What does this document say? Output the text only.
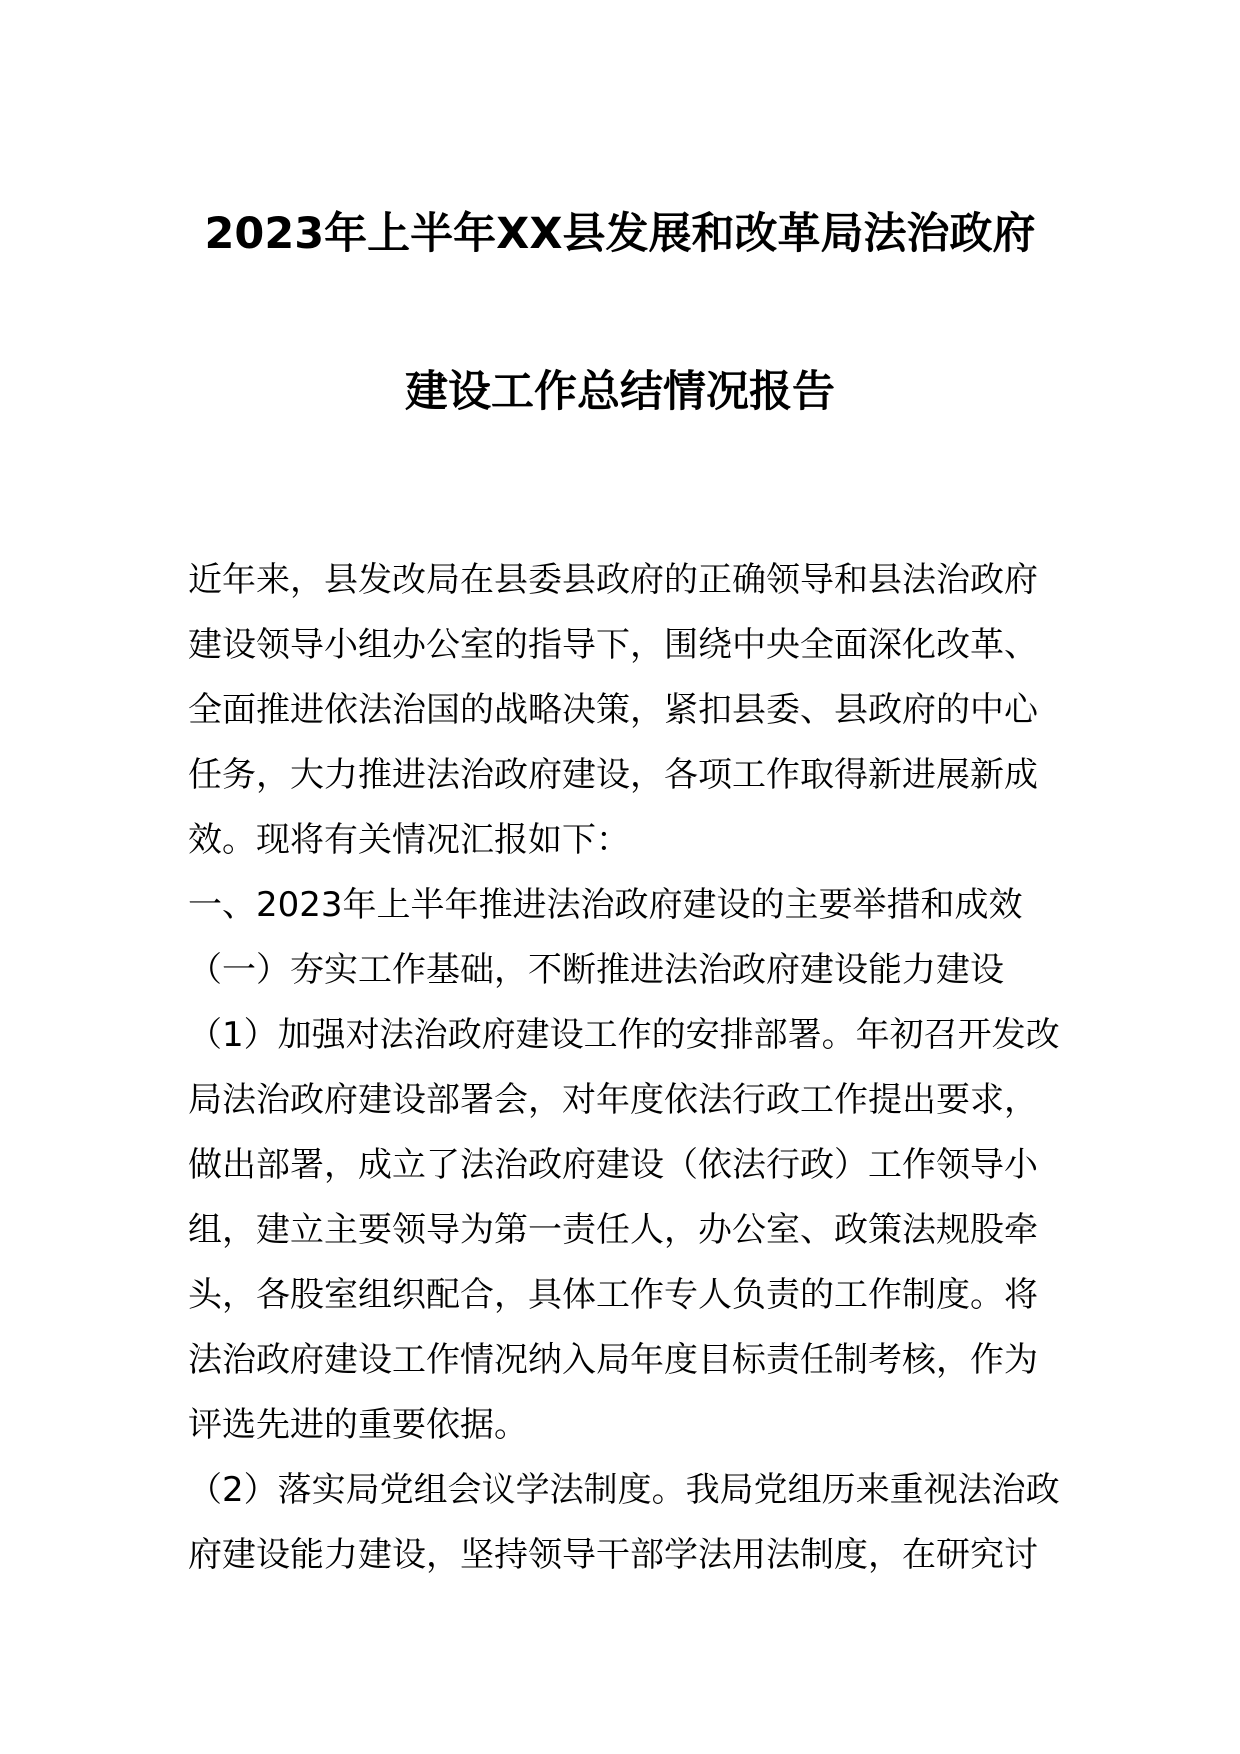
2023年上半年XX县发展和改革局法治政府
建设工作总结情况报告
近年来，县发改局在县委县政府的正确领导和县法治政府
建设领导小组办公室的指导下，围绕中央全面深化改革、
全面推进依法治国的战略决策，紧扣县委、县政府的中心
任务，大力推进法治政府建设，各项工作取得新进展新成
效。现将有关情况汇报如下：
一、2023年上半年推进法治政府建设的主要举措和成效
（一）夯实工作基础，不断推进法治政府建设能力建设
（1）加强对法治政府建设工作的安排部署。年初召开发改
局法治政府建设部署会，对年度依法行政工作提出要求，
做出部署，成立了法治政府建设（依法行政）工作领导小
组，建立主要领导为第一责任人，办公室、政策法规股牵
头，各股室组织配合，具体工作专人负责的工作制度。将
法治政府建设工作情况纳入局年度目标责任制考核，作为
评选先进的重要依据。
（2）落实局党组会议学法制度。我局党组历来重视法治政
府建设能力建设，坚持领导干部学法用法制度，在研究讨
